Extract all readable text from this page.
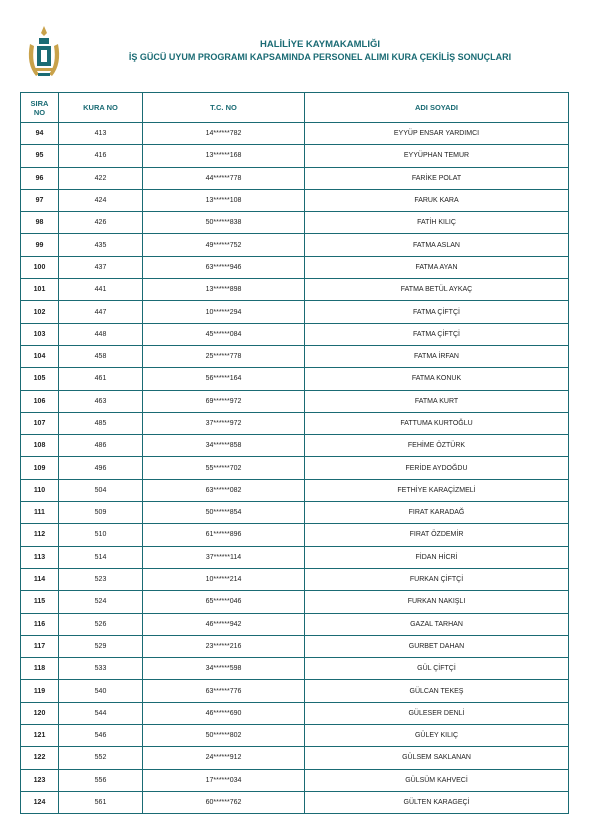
HALİLİYE KAYMAKAMLIĞI
İŞ GÜCÜ UYUM PROGRAMI KAPSAMINDA PERSONEL ALIMI KURA ÇEKİLİŞ SONUÇLARI
SIRA
NO	KURA NO	T.C. NO	ADI SOYADI
94	413	14******782	EYYÜP ENSAR YARDIMCI
95	416	13******168	EYYÜPHAN TEMUR
96	422	44******778	FARİKE POLAT
97	424	13******108	FARUK KARA
98	426	50******838	FATİH KILIÇ
99	435	49******752	FATMA ASLAN
100	437	63******946	FATMA AYAN
101	441	13******898	FATMA BETÜL AYKAÇ
102	447	10******294	FATMA ÇİFTÇİ
103	448	45******084	FATMA ÇİFTÇİ
104	458	25******778	FATMA İRFAN
105	461	56******164	FATMA KONUK
106	463	69******972	FATMA KURT
107	485	37******972	FATTUMA KURTOĞLU
108	486	34******858	FEHİME ÖZTÜRK
109	496	55******702	FERİDE AYDOĞDU
110	504	63******082	FETHİYE KARAÇİZMELİ
111	509	50******854	FIRAT KARADAĞ
112	510	61******896	FIRAT ÖZDEMİR
113	514	37******114	FİDAN HİCRİ
114	523	10******214	FURKAN ÇİFTÇİ
115	524	65******046	FURKAN NAKIŞLI
116	526	46******942	GAZAL TARHAN
117	529	23******216	GURBET DAHAN
118	533	34******598	GÜL ÇİFTÇİ
119	540	63******776	GÜLCAN TEKEŞ
120	544	46******690	GÜLESER DENLİ
121	546	50******802	GÜLEY KILIÇ
122	552	24******912	GÜLSEM SAKLANAN
123	556	17******034	GÜLSÜM KAHVECİ
124	561	60******762	GÜLTEN KARAGEÇİ
